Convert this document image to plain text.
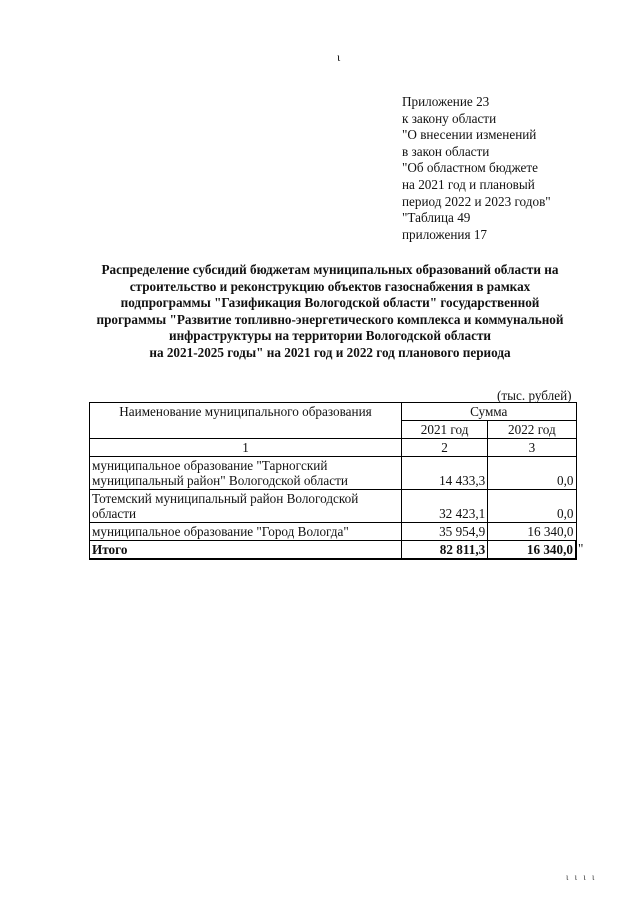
ι
Приложение 23
к закону области
"О внесении изменений
в закон области
"Об областном бюджете
на 2021 год и плановый
период 2022 и 2023 годов"
"Таблица 49
приложения 17
Распределение субсидий бюджетам муниципальных образований области на
строительство и реконструкцию объектов газоснабжения в рамках
подпрограммы "Газификация Вологодской области" государственной
программы "Развитие топливно-энергетического комплекса и коммунальной
инфраструктуры на территории Вологодской области
на 2021-2025 годы" на 2021 год и 2022 год планового периода
(тыс. рублей)
Наименование муниципального образования	Сумма	
	2021 год	2022 год
1	2	3
муниципальное образование "Тарногский муниципальный район" Вологодской области	14 433,3	0,0
Тотемский муниципальный район Вологодской области	32 423,1	0,0
муниципальное образование "Город Вологда"	35 954,9	16 340,0
Итого	82 811,3	16 340,0 "
ι ι ι ι
